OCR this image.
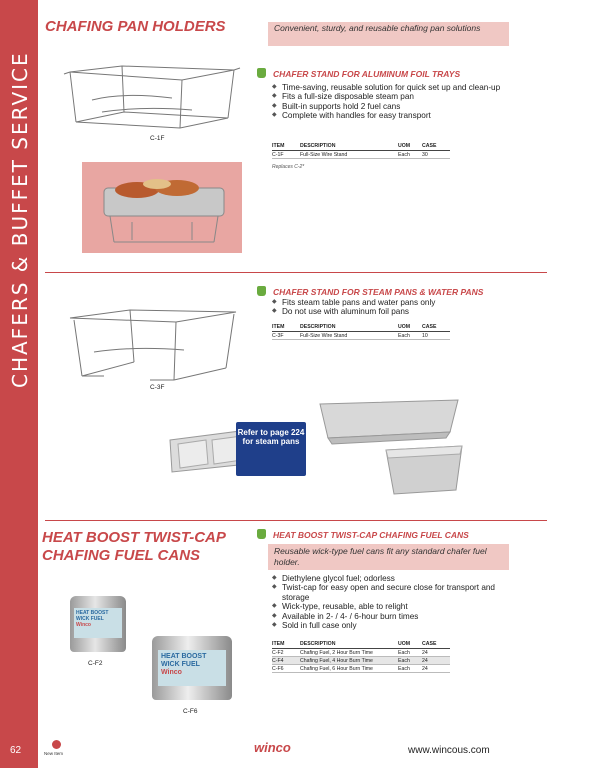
CHAFERS & BUFFET SERVICE
62
CHAFING PAN HOLDERS	Convenient, sturdy, and reusable chafing pan solutions
C-1F
CHAFER STAND FOR ALUMINUM FOIL TRAYS
◆ Time-saving, reusable solution for quick set up and clean-up
◆ Fits a full-size disposable steam pan
◆ Built-in supports hold 2 fuel cans
◆ Complete with handles for easy transport
ITEM	DESCRIPTION	UOM	CASE
C-1F	Full-Size Wire Stand	Each	30
Replaces C-2*
C-3F
CHAFER STAND FOR STEAM PANS & WATER PANS
◆ Fits steam table pans and water pans only
◆ Do not use with aluminum foil pans
ITEM	DESCRIPTION	UOM	CASE
C-3F	Full-Size Wire Stand	Each	10
Refer to page 224 for steam pans
HEAT BOOST TWIST-CAP
CHAFING FUEL CANS
HEAT BOOST TWIST-CAP CHAFING FUEL CANS
Reusable wick-type fuel cans fit any standard chafer fuel holder.
◆ Diethylene glycol fuel; odorless
◆ Twist-cap for easy open and secure close for transport and storage
◆ Wick-type, reusable, able to relight
◆ Available in 2- / 4- / 6-hour burn times
◆ Sold in full case only
ITEM	DESCRIPTION	UOM	CASE
C-F2	Chafing Fuel, 2 Hour Burn Time	Each	24
C-F4	Chafing Fuel, 4 Hour Burn Time	Each	24
C-F6	Chafing Fuel, 6 Hour Burn Time	Each	24
HEAT BOOST
WICK FUEL
Winco
C-F2
HEAT BOOST
WICK FUEL
Winco
C-F6
New Item	winco	www.wincous.com
